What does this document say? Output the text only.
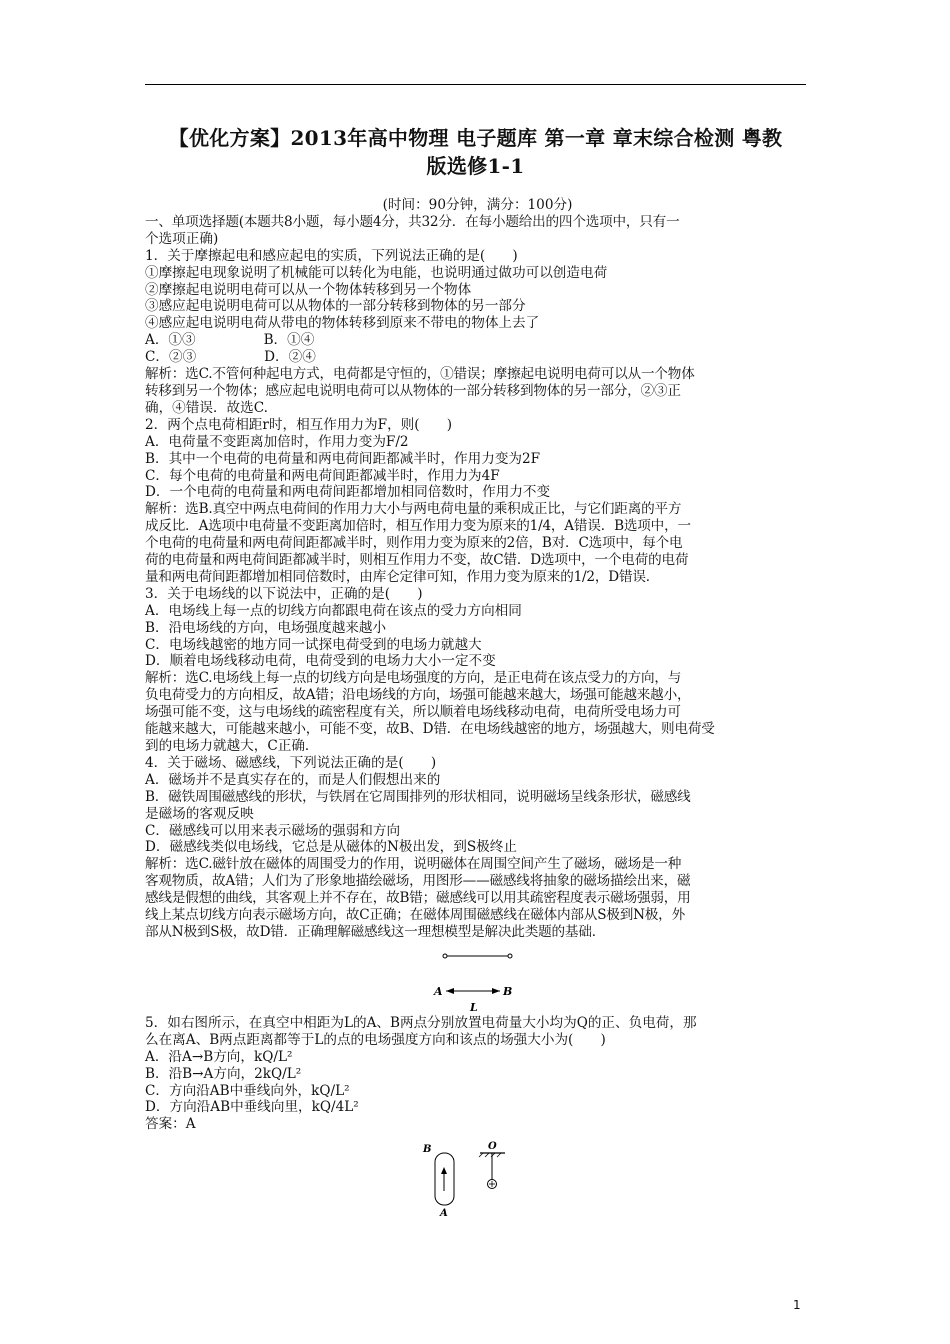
【优化方案】2013年高中物理 电子题库 第一章 章末综合检测 粤教
版选修1-1

(时间：90分钟，满分：100分)

一、单项选择题(本题共8小题，每小题4分，共32分．在每小题给出的四个选项中，只有一

个选项正确)

1．关于摩擦起电和感应起电的实质，下列说法正确的是(　　)

①摩擦起电现象说明了机械能可以转化为电能，也说明通过做功可以创造电荷

②摩擦起电说明电荷可以从一个物体转移到另一个物体

③感应起电说明电荷可以从物体的一部分转移到物体的另一部分

④感应起电说明电荷从带电的物体转移到原来不带电的物体上去了

A．①③　　　　　B．①④

C．②③　　　　　D．②④

解析：选C.不管何种起电方式，电荷都是守恒的，①错误；摩擦起电说明电荷可以从一个物体

转移到另一个物体；感应起电说明电荷可以从物体的一部分转移到物体的另一部分，②③正

确，④错误．故选C.

2．两个点电荷相距r时，相互作用力为F，则(　　)

A．电荷量不变距离加倍时，作用力变为F/2

B．其中一个电荷的电荷量和两电荷间距都减半时，作用力变为2F

C．每个电荷的电荷量和两电荷间距都减半时，作用力为4F

D．一个电荷的电荷量和两电荷间距都增加相同倍数时，作用力不变

解析：选B.真空中两点电荷间的作用力大小与两电荷电量的乘积成正比，与它们距离的平方

成反比．A选项中电荷量不变距离加倍时，相互作用力变为原来的1/4，A错误．B选项中，一

个电荷的电荷量和两电荷间距都减半时，则作用力变为原来的2倍，B对．C选项中，每个电

荷的电荷量和两电荷间距都减半时，则相互作用力不变，故C错．D选项中，一个电荷的电荷

量和两电荷间距都增加相同倍数时，由库仑定律可知，作用力变为原来的1/2，D错误．

3．关于电场线的以下说法中，正确的是(　　)

A．电场线上每一点的切线方向都跟电荷在该点的受力方向相同

B．沿电场线的方向，电场强度越来越小

C．电场线越密的地方同一试探电荷受到的电场力就越大

D．顺着电场线移动电荷，电荷受到的电场力大小一定不变

解析：选C.电场线上每一点的切线方向是电场强度的方向，是正电荷在该点受力的方向，与

负电荷受力的方向相反，故A错；沿电场线的方向，场强可能越来越大，场强可能越来越小，

场强可能不变，这与电场线的疏密程度有关，所以顺着电场线移动电荷，电荷所受电场力可

能越来越大，可能越来越小，可能不变，故B、D错．在电场线越密的地方，场强越大，则电荷受

到的电场力就越大，C正确．

4．关于磁场、磁感线，下列说法正确的是(　　)

A．磁场并不是真实存在的，而是人们假想出来的

B．磁铁周围磁感线的形状，与铁屑在它周围排列的形状相同，说明磁场呈线条形状，磁感线

是磁场的客观反映

C．磁感线可以用来表示磁场的强弱和方向

D．磁感线类似电场线，它总是从磁体的N极出发，到S极终止

解析：选C.磁针放在磁体的周围受力的作用，说明磁体在周围空间产生了磁场，磁场是一种

客观物质，故A错；人们为了形象地描绘磁场，用图形——磁感线将抽象的磁场描绘出来，磁

感线是假想的曲线，其客观上并不存在，故B错；磁感线可以用其疏密程度表示磁场强弱，用

线上某点切线方向表示磁场方向，故C正确；在磁体周围磁感线在磁体内部从S极到N极，外

部从N极到S极，故D错．正确理解磁感线这一理想模型是解决此类题的基础．

A	B
L

5．如右图所示，在真空中相距为L的A、B两点分别放置电荷量大小均为Q的正、负电荷，那

么在离A、B两点距离都等于L的点的电场强度方向和该点的场强大小为(　　)

A．沿A→B方向，kQ/L²

B．沿B→A方向，2kQ/L²

C．方向沿AB中垂线向外，kQ/L²

D．方向沿AB中垂线向里，kQ/4L²

答案：A

B
A
O
1
